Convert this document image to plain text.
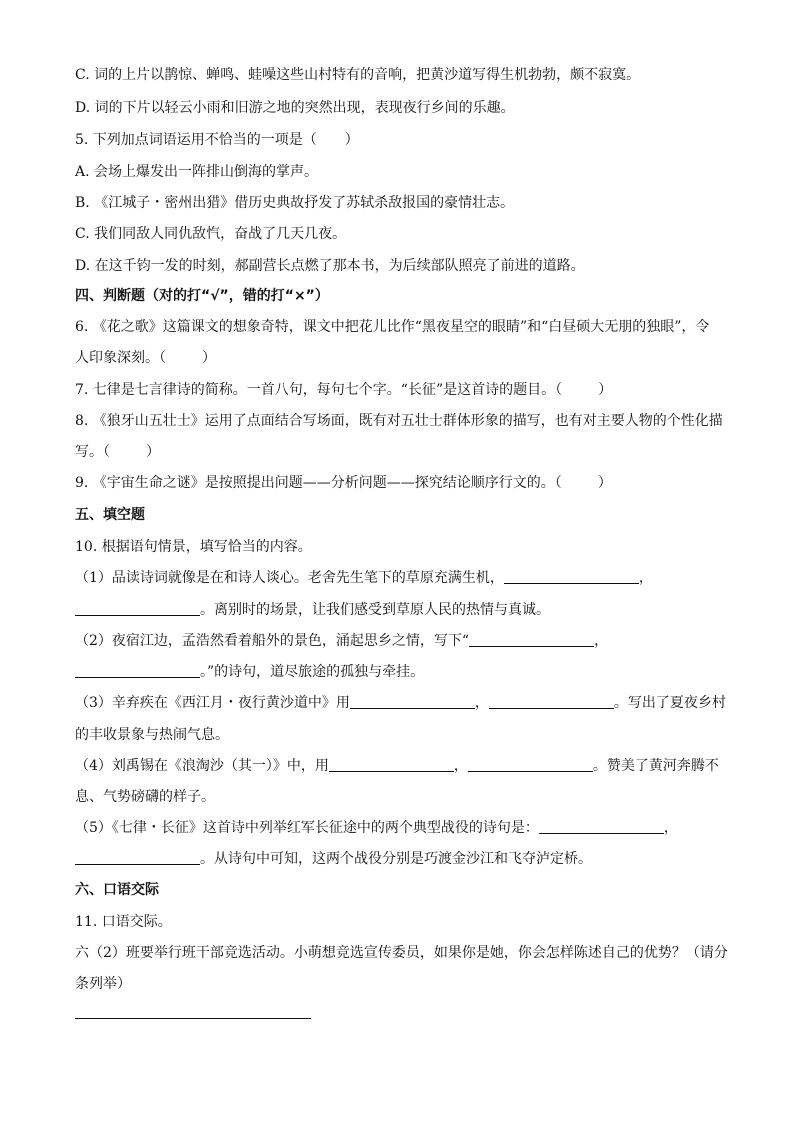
C. 词的上片以鹊惊、蝉鸣、蛙噪这些山村特有的音响，把黄沙道写得生机勃勃，颇不寂寞。
D. 词的下片以轻云小雨和旧游之地的突然出现，表现夜行乡间的乐趣。
5. 下列加点词语运用不恰当的一项是（　　）
A. 会场上爆发出一阵排山倒海的掌声。
B. 《江城子・密州出猎》借历史典故抒发了苏轼杀敌报国的豪情壮志。
C. 我们同敌人同仇敌忾，奋战了几天几夜。
D. 在这千钧一发的时刻，郝副营长点燃了那本书，为后续部队照亮了前进的道路。
四、判断题（对的打“√”，错的打“×”）
6. 《花之歌》这篇课文的想象奇特，课文中把花儿比作“黑夜星空的眼睛”和“白昼硕大无朋的独眼”，令
人印象深刻。（	）
7. 七律是七言律诗的简称。一首八句，每句七个字。“长征”是这首诗的题目。（	）
8. 《狼牙山五壮士》运用了点面结合写场面，既有对五壮士群体形象的描写，也有对主要人物的个性化描
写。（	）
9. 《宇宙生命之谜》是按照提出问题——分析问题——探究结论顺序行文的。（	）
五、填空题
10. 根据语句情景，填写恰当的内容。
（1）品读诗词就像是在和诗人谈心。老舍先生笔下的草原充满生机，	，
。离别时的场景，让我们感受到草原人民的热情与真诚。
（2）夜宿江边，孟浩然看着船外的景色，涌起思乡之情，写下“	，
。”的诗句，道尽旅途的孤独与牵挂。
（3）辛弃疾在《西江月・夜行黄沙道中》用	，	。写出了夏夜乡村
的丰收景象与热闹气息。
（4）刘禹锡在《浪淘沙（其一）》中，用	，	。赞美了黄河奔腾不
息、气势磅礴的样子。
（5）《七律・长征》这首诗中列举红军长征途中的两个典型战役的诗句是：	，
。从诗句中可知，这两个战役分别是巧渡金沙江和飞夺泸定桥。
六、口语交际
11. 口语交际。
六（2）班要举行班干部竞选活动。小萌想竞选宣传委员，如果你是她，你会怎样陈述自己的优势？（请分
条列举）
